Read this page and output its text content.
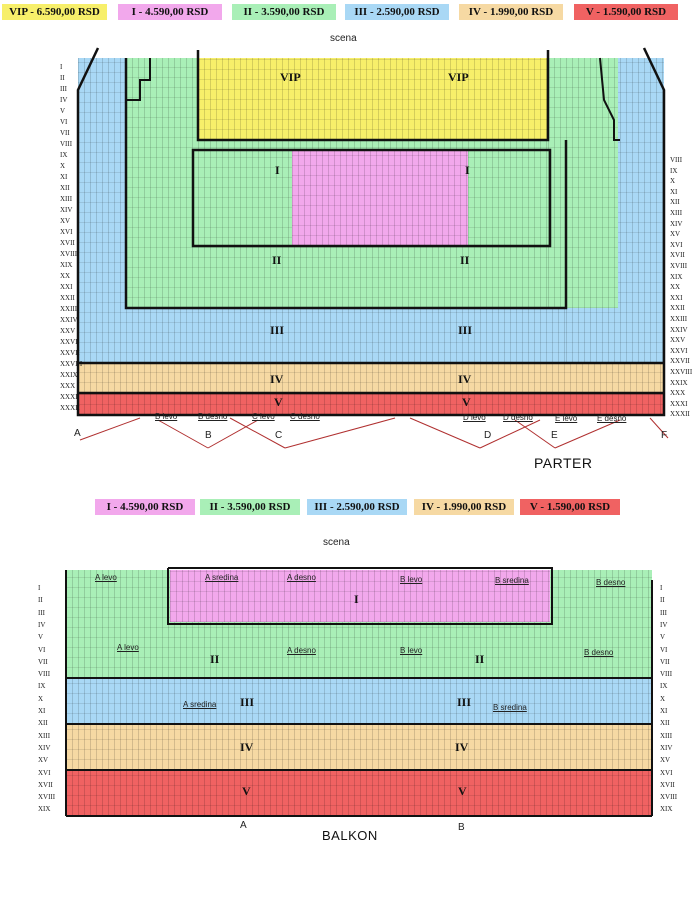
VIP - 6.590,00 RSD	I - 4.590,00 RSD	II - 3.590,00 RSD	III - 2.590,00 RSD	IV - 1.990,00 RSD	V - 1.590,00 RSD
scena
VIP	VIP
I	I
II	II
III	III
IV	IV
V	V
I
II
III
IV
V
VI
VII
VIII
IX
X
XI
XII
XIII
XIV
XV
XVI
XVII
XVIII
XIX
XX
XXI
XXII
XXIII
XXIV
XXV
XXVI
XXVII
XXVIII
XXIX
XXX
XXXI
XXXII
VIII
IX
X
XI
XII
XIII
XIV
XV
XVI
XVII
XVIII
XIX
XX
XXI
XXII
XXIII
XXIV
XXV
XXVI
XXVII
XXVIII
XXIX
XXX
XXXI
XXXII
A	B	C	D	E	F
B levo	B desno	C levo C desno	D levo D desno	E levo E desno
PARTER
I - 4.590,00 RSD	II - 3.590,00 RSD	III - 2.590,00 RSD	IV - 1.990,00 RSD	V - 1.590,00 RSD
scena
I
II	II
III	III
IV	IV
V	V
A levo	A sredina	A desno	B levo	B sredina	B desno
A levo	A desno	B levo	B desno
A sredina	B sredina
I
II
III
IV
V
VI
VII
VIII
IX
X
XI
XII
XIII
XIV
XV
XVI
XVII
XVIII
XIX
I
II
III
IV
V
VI
VII
VIII
IX
X
XI
XII
XIII
XIV
XV
XVI
XVII
XVIII
XIX
A	B
BALKON
